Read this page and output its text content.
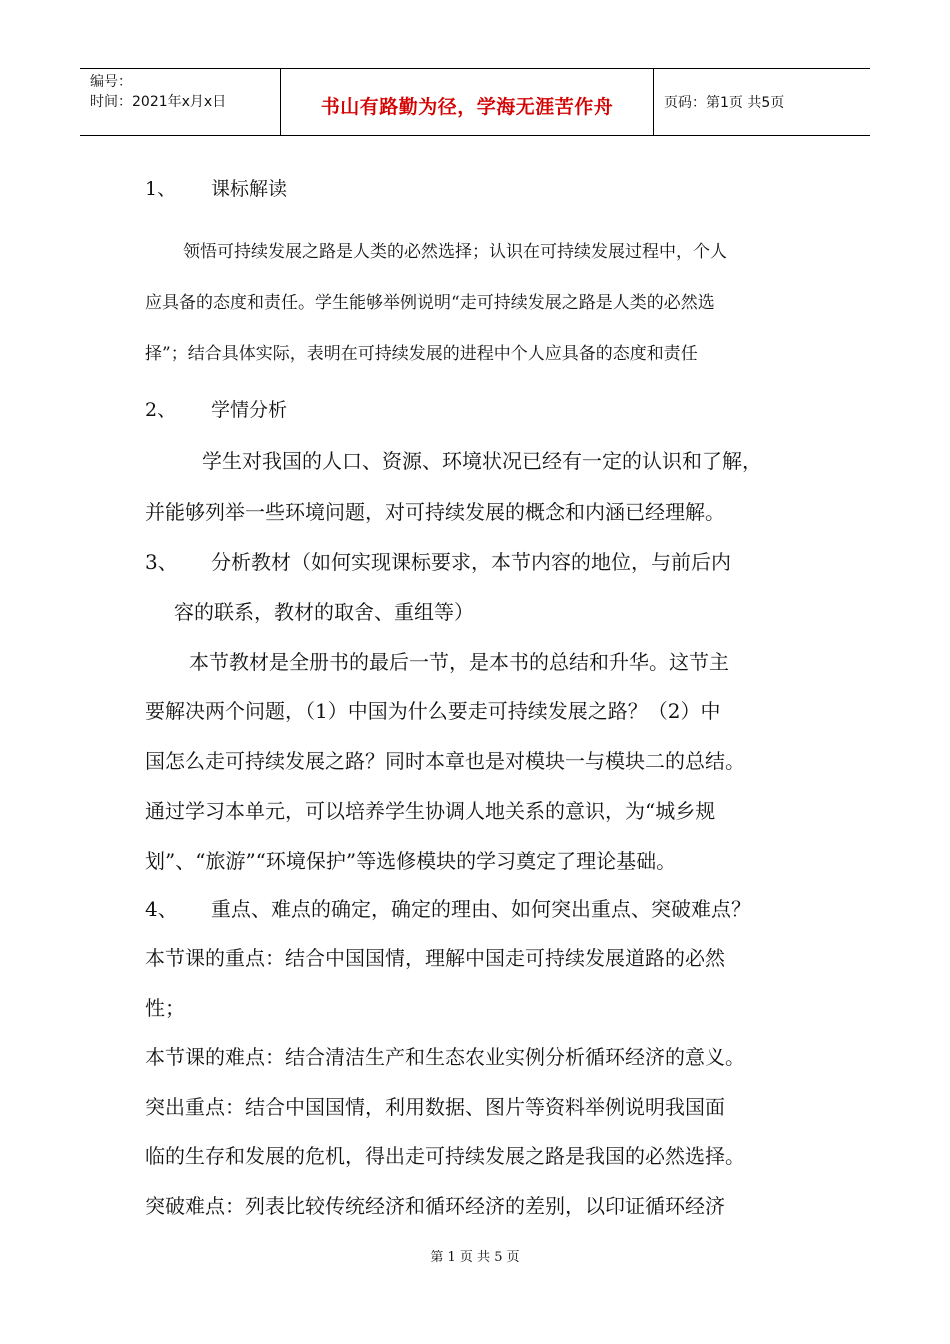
编号：
时间：2021年x月x日	书山有路勤为径，学海无涯苦作舟	页码：第1页 共5页
1、 课标解读
领悟可持续发展之路是人类的必然选择；认识在可持续发展过程中，个人
应具备的态度和责任。学生能够举例说明“走可持续发展之路是人类的必然选
择”；结合具体实际，表明在可持续发展的进程中个人应具备的态度和责任
2、 学情分析
学生对我国的人口、资源、环境状况已经有一定的认识和了解，
并能够列举一些环境问题，对可持续发展的概念和内涵已经理解。
3、 分析教材（如何实现课标要求，本节内容的地位，与前后内
容的联系，教材的取舍、重组等）
本节教材是全册书的最后一节，是本书的总结和升华。这节主
要解决两个问题，（1）中国为什么要走可持续发展之路？（2）中
国怎么走可持续发展之路？同时本章也是对模块一与模块二的总结。
通过学习本单元，可以培养学生协调人地关系的意识，为“城乡规
划”、“旅游”“环境保护”等选修模块的学习奠定了理论基础。
4、 重点、难点的确定，确定的理由、如何突出重点、突破难点？
本节课的重点：结合中国国情，理解中国走可持续发展道路的必然
性；
本节课的难点：结合清洁生产和生态农业实例分析循环经济的意义。
突出重点：结合中国国情，利用数据、图片等资料举例说明我国面
临的生存和发展的危机，得出走可持续发展之路是我国的必然选择。
突破难点：列表比较传统经济和循环经济的差别，以印证循环经济
第 1 页 共 5 页
